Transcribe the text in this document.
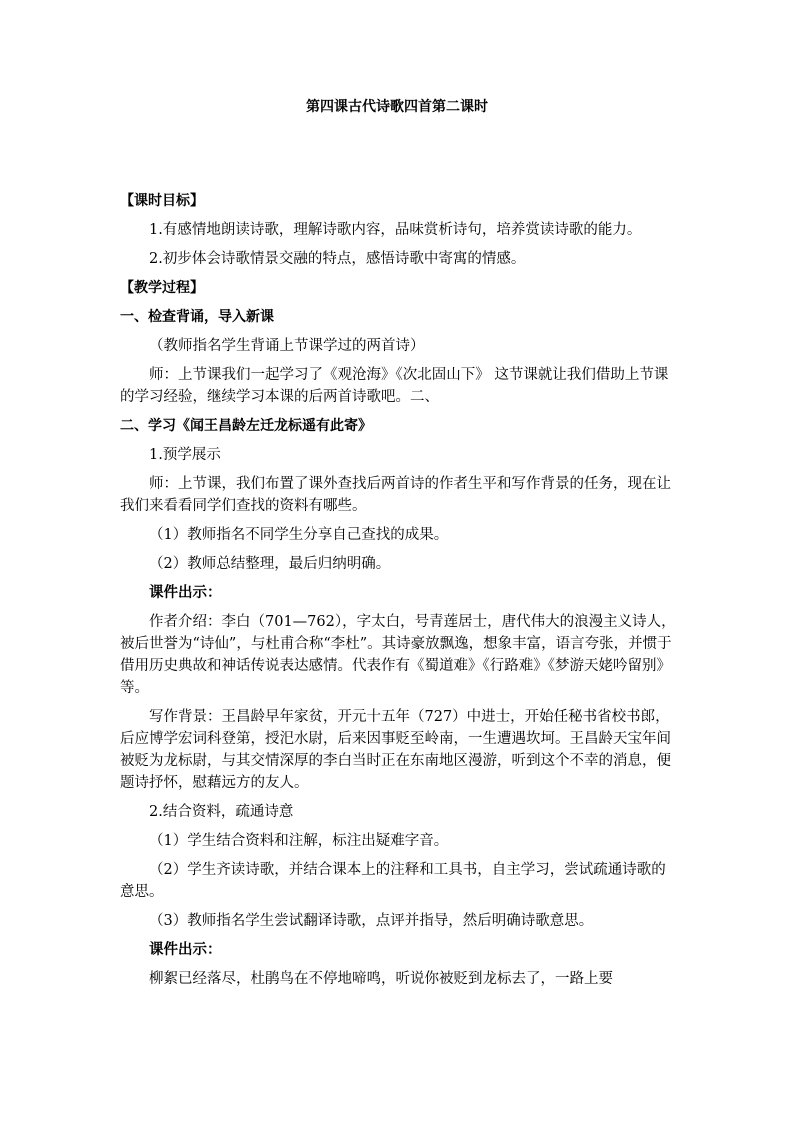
第四课古代诗歌四首第二课时

【课时目标】

1.有感情地朗读诗歌，理解诗歌内容，品味赏析诗句，培养赏读诗歌的能力。

2.初步体会诗歌情景交融的特点，感悟诗歌中寄寓的情感。

【教学过程】

一、检查背诵，导入新课

（教师指名学生背诵上节课学过的两首诗）

师：上节课我们一起学习了《观沧海》《次北固山下》 这节课就让我们借助上节课的学习经验，继续学习本课的后两首诗歌吧。二、

二、学习《闻王昌龄左迁龙标遥有此寄》

1.预学展示

师：上节课，我们布置了课外查找后两首诗的作者生平和写作背景的任务，现在让我们来看看同学们查找的资料有哪些。

（1）教师指名不同学生分享自己查找的成果。

（2）教师总结整理，最后归纳明确。

课件出示：

作者介绍：李白（701—762），字太白，号青莲居士，唐代伟大的浪漫主义诗人，被后世誉为“诗仙”，与杜甫合称“李杜”。其诗豪放飘逸，想象丰富，语言夸张，并惯于借用历史典故和神话传说表达感情。代表作有《蜀道难》《行路难》《梦游天姥吟留别》等。

写作背景：王昌龄早年家贫，开元十五年（727）中进士，开始任秘书省校书郎，后应博学宏词科登第，授汜水尉，后来因事贬至岭南，一生遭遇坎坷。王昌龄天宝年间被贬为龙标尉，与其交情深厚的李白当时正在东南地区漫游，听到这个不幸的消息，便题诗抒怀，慰藉远方的友人。

2.结合资料，疏通诗意

（1）学生结合资料和注解，标注出疑难字音。

（2）学生齐读诗歌，并结合课本上的注释和工具书，自主学习，尝试疏通诗歌的意思。

（3）教师指名学生尝试翻译诗歌，点评并指导，然后明确诗歌意思。

课件出示：

柳絮已经落尽，杜鹃鸟在不停地啼鸣，听说你被贬到龙标去了，一路上要
